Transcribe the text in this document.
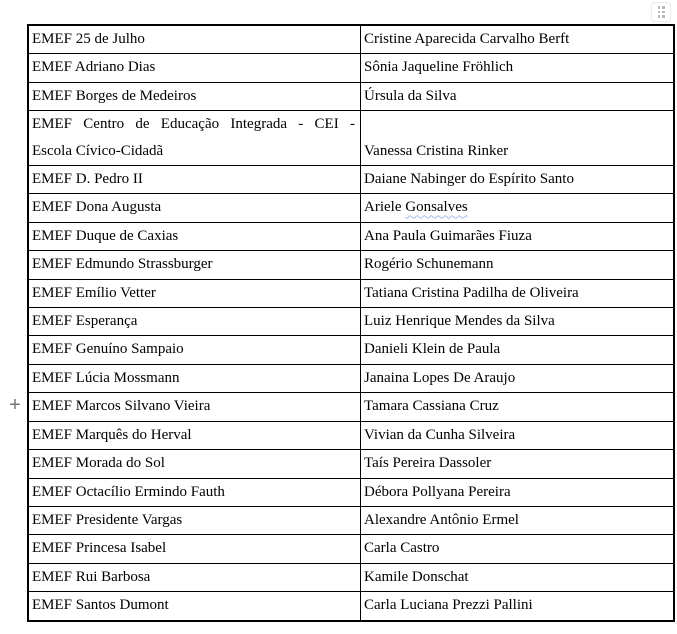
+
EMEF 25 de Julho	Cristine Aparecida Carvalho Berft
EMEF Adriano Dias	Sônia Jaqueline Fröhlich
EMEF Borges de Medeiros	Úrsula da Silva

EMEF Centro de Educação Integrada - CEI -
Escola Cívico-Cidadã	Vanessa Cristina Rinker
EMEF D. Pedro II	Daiane Nabinger do Espírito Santo
EMEF Dona Augusta	Ariele Gonsalves
EMEF Duque de Caxias	Ana Paula Guimarães Fiuza
EMEF Edmundo Strassburger	Rogério Schunemann
EMEF Emílio Vetter	Tatiana Cristina Padilha de Oliveira
EMEF Esperança	Luiz Henrique Mendes da Silva
EMEF Genuíno Sampaio	Danieli Klein de Paula
EMEF Lúcia Mossmann	Janaina Lopes De Araujo
EMEF Marcos Silvano Vieira	Tamara Cassiana Cruz
EMEF Marquês do Herval	Vivian da Cunha Silveira
EMEF Morada do Sol	Taís Pereira Dassoler
EMEF Octacílio Ermindo Fauth	Débora Pollyana Pereira
EMEF Presidente Vargas	Alexandre Antônio Ermel
EMEF Princesa Isabel	Carla Castro
EMEF Rui Barbosa	Kamile Donschat
EMEF Santos Dumont	Carla Luciana Prezzi Pallini
